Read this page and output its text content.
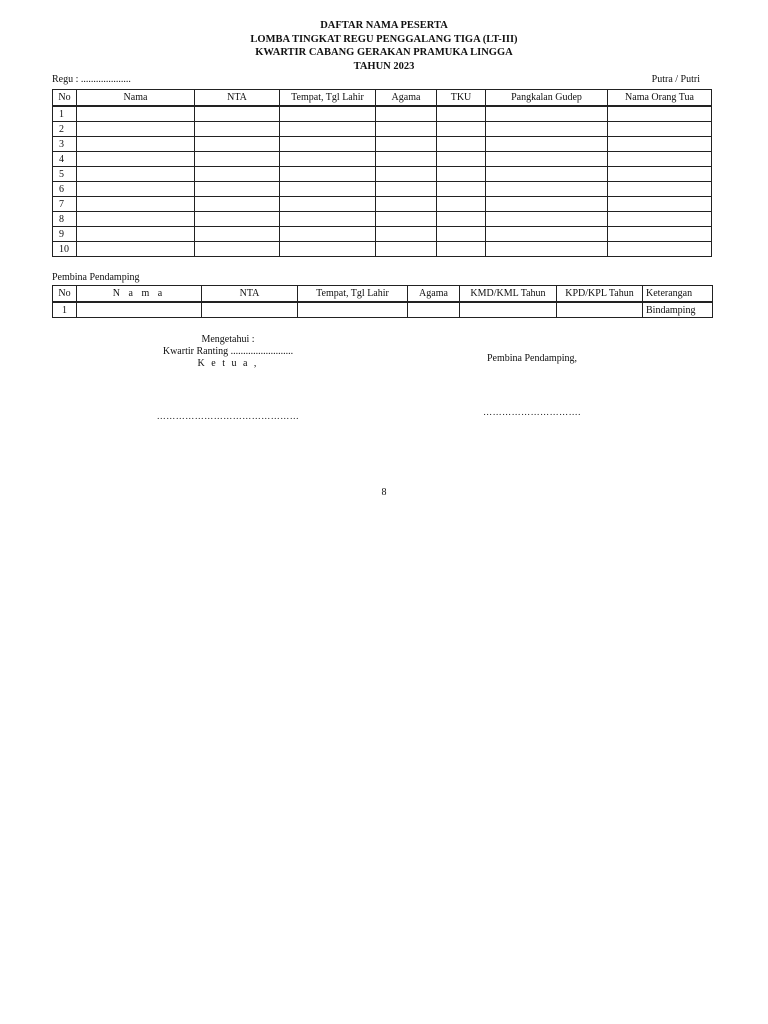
DAFTAR NAMA PESERTA
LOMBA TINGKAT REGU PENGGALANG TIGA (LT-III)
KWARTIR CABANG GERAKAN PRAMUKA LINGGA
TAHUN 2023
Regu : ....................	Putra / Putri
No	Nama	NTA	Tempat, Tgl Lahir	Agama	TKU	Pangkalan Gudep	Nama Orang Tua
1							
2							
3							
4							
5							
6							
7							
8							
9							
10							
Pembina Pendamping
No	N a m a	NTA	Tempat, Tgl Lahir	Agama	KMD/KML Tahun	KPD/KPL Tahun	Keterangan
1							Bindamping
Mengetahui :
Kwartir Ranting .........................
K e t u a ,
………………………………………
Pembina Pendamping,
………………………….
8
